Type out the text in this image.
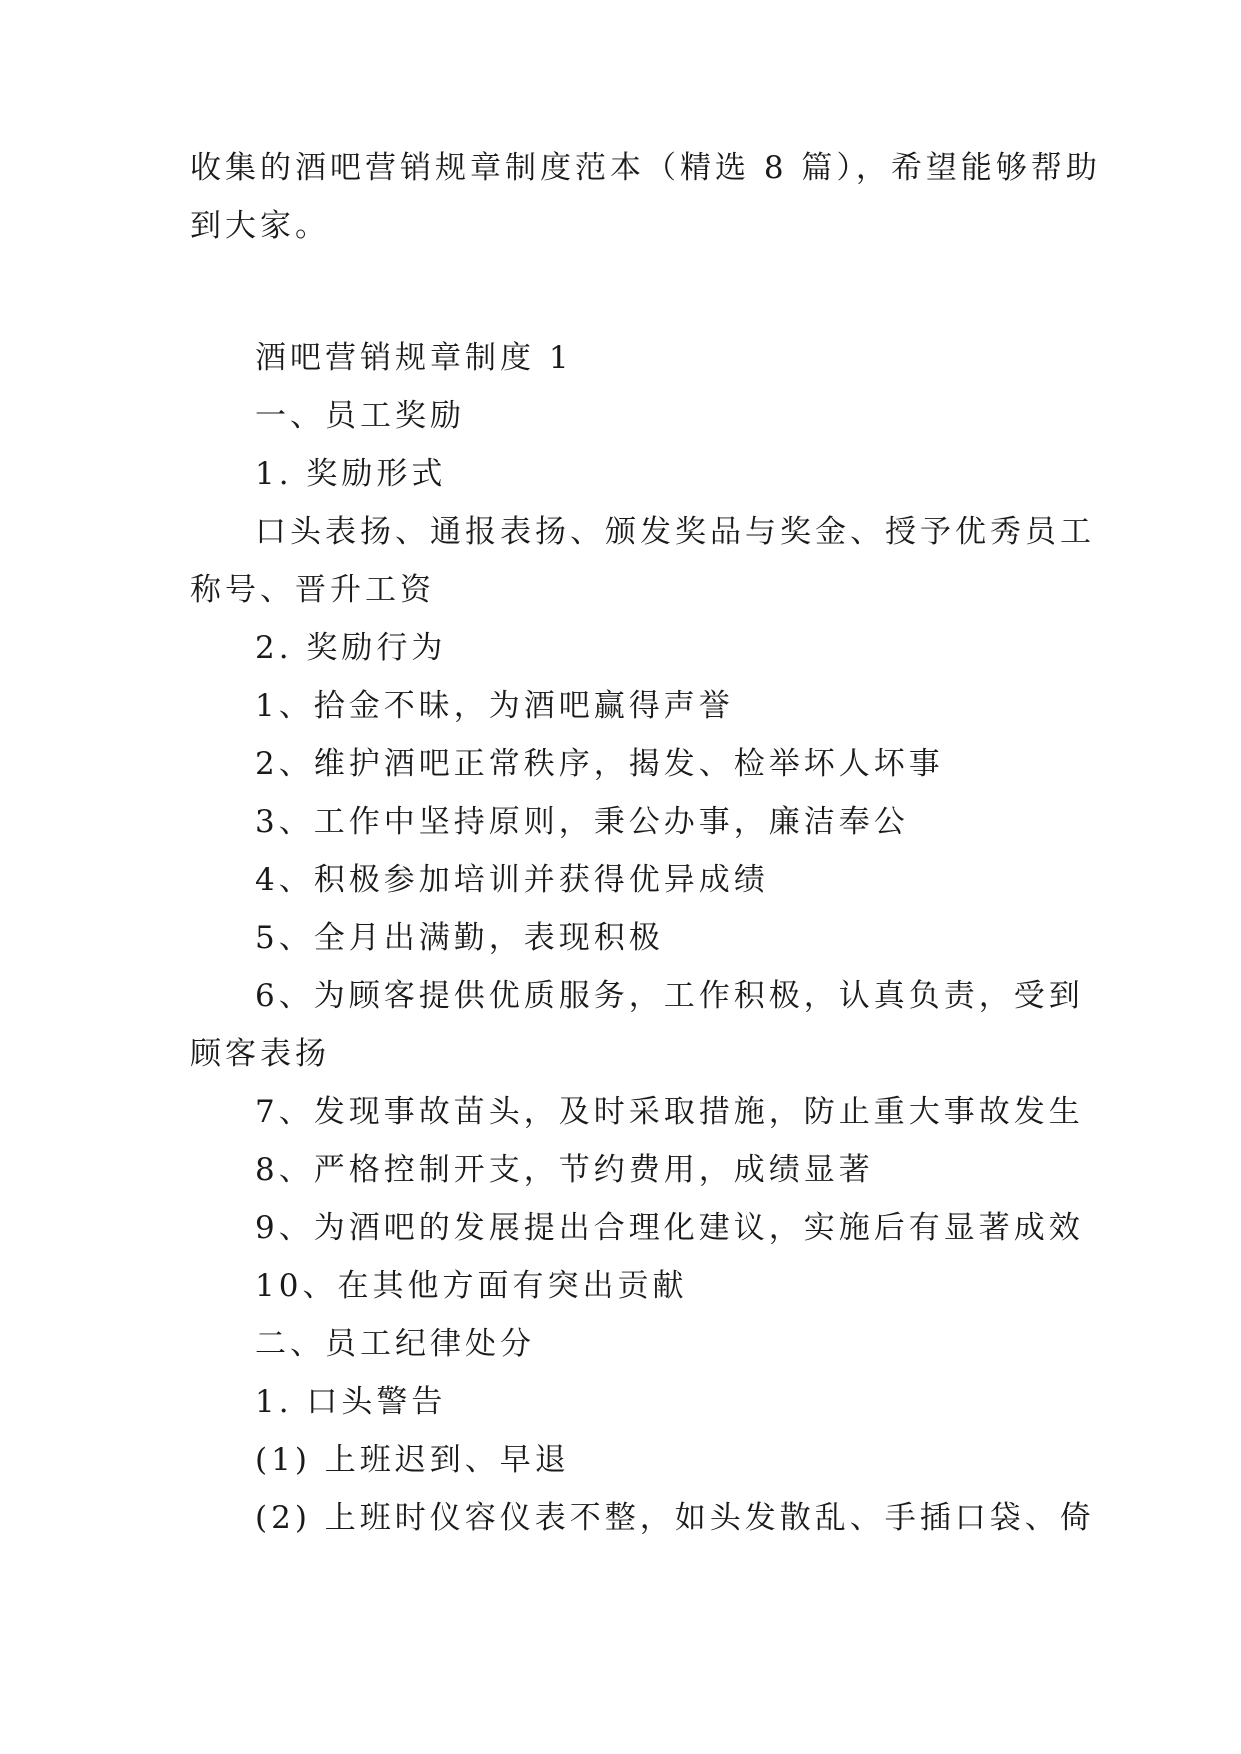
收集的酒吧营销规章制度范本（精选 8 篇），希望能够帮助
到大家。
酒吧营销规章制度 1
一、员工奖励
1. 奖励形式
口头表扬、通报表扬、颁发奖品与奖金、授予优秀员工
称号、晋升工资
2. 奖励行为
1、拾金不昧，为酒吧赢得声誉
2、维护酒吧正常秩序，揭发、检举坏人坏事
3、工作中坚持原则，秉公办事，廉洁奉公
4、积极参加培训并获得优异成绩
5、全月出满勤，表现积极
6、为顾客提供优质服务，工作积极，认真负责，受到
顾客表扬
7、发现事故苗头，及时采取措施，防止重大事故发生
8、严格控制开支，节约费用，成绩显著
9、为酒吧的发展提出合理化建议，实施后有显著成效
10、在其他方面有突出贡献
二、员工纪律处分
1. 口头警告
(1) 上班迟到、早退
(2) 上班时仪容仪表不整，如头发散乱、手插口袋、倚
